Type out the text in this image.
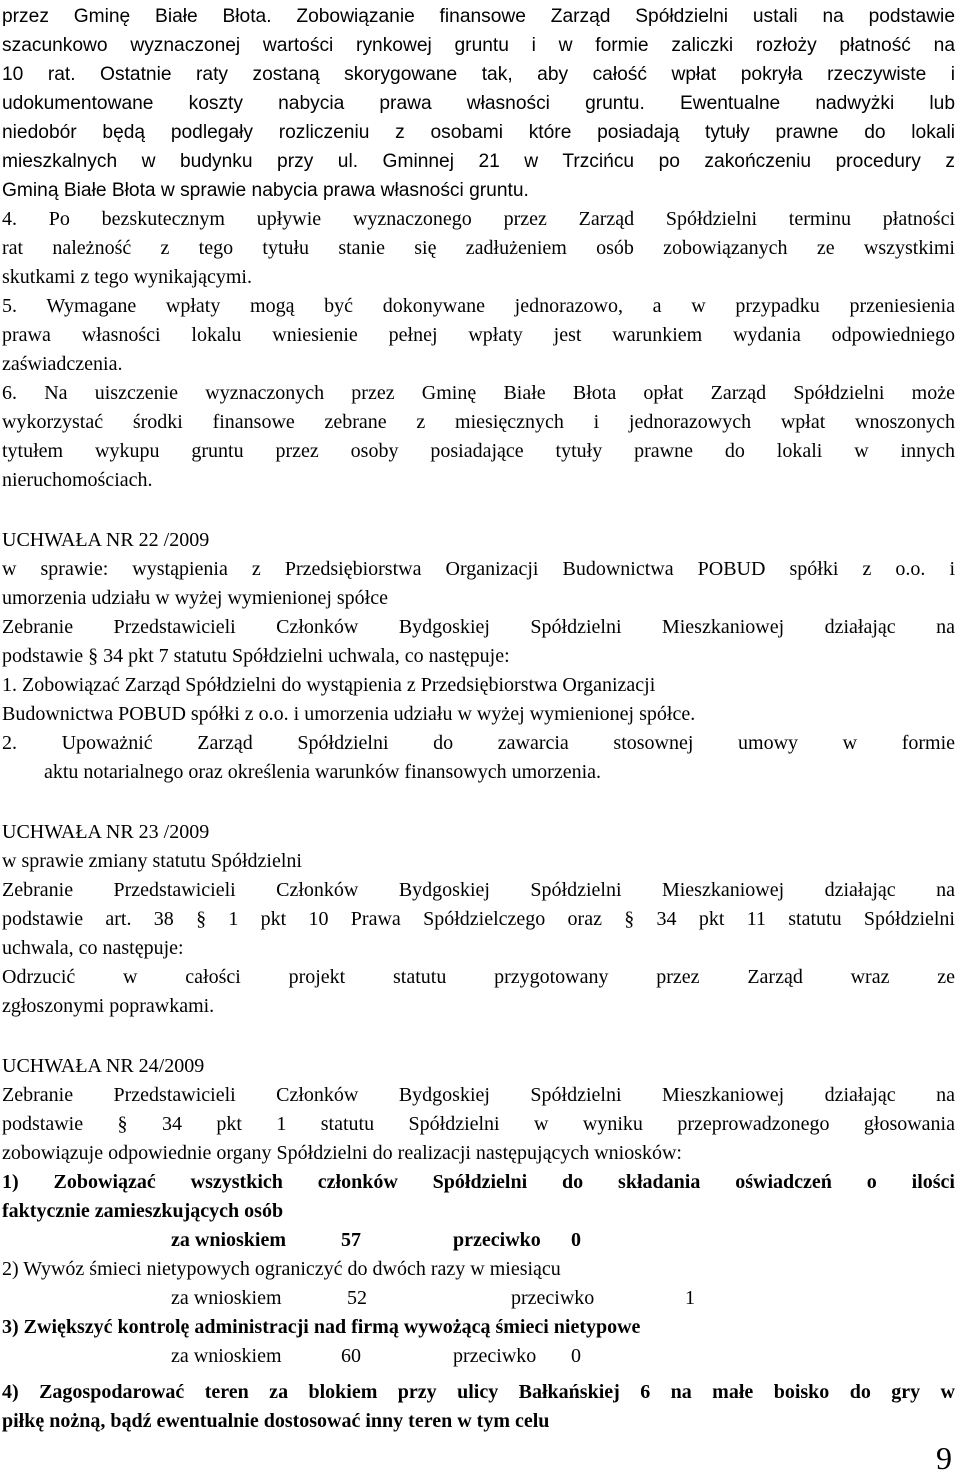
przez Gminę Białe Błota. Zobowiązanie finansowe Zarząd Spółdzielni ustali na podstawie
szacunkowo wyznaczonej wartości rynkowej gruntu i w formie zaliczki rozłoży płatność na
10 rat. Ostatnie raty zostaną skorygowane tak, aby całość wpłat pokryła rzeczywiste i
udokumentowane koszty nabycia prawa własności gruntu. Ewentualne nadwyżki lub
niedobór będą podlegały rozliczeniu z osobami które posiadają tytuły prawne do lokali
mieszkalnych w budynku przy ul. Gminnej 21 w Trzcińcu po zakończeniu procedury z
Gminą Białe Błota w sprawie nabycia prawa własności gruntu.
4. Po bezskutecznym upływie wyznaczonego przez Zarząd Spółdzielni terminu płatności
rat należność z tego tytułu stanie się zadłużeniem osób zobowiązanych ze wszystkimi
skutkami z tego wynikającymi.
5. Wymagane wpłaty mogą być dokonywane jednorazowo, a w przypadku przeniesienia
prawa własności lokalu wniesienie pełnej wpłaty jest warunkiem wydania odpowiedniego
zaświadczenia.
6. Na uiszczenie wyznaczonych przez Gminę Białe Błota opłat Zarząd Spółdzielni może
wykorzystać środki finansowe zebrane z miesięcznych i jednorazowych wpłat wnoszonych
tytułem wykupu gruntu przez osoby posiadające tytuły prawne do lokali w innych
nieruchomościach.
UCHWAŁA NR 22 /2009
w sprawie: wystąpienia z Przedsiębiorstwa Organizacji Budownictwa POBUD spółki z o.o. i
umorzenia udziału w wyżej wymienionej spółce
Zebranie Przedstawicieli Członków Bydgoskiej Spółdzielni Mieszkaniowej działając na
podstawie § 34 pkt 7 statutu Spółdzielni uchwala, co następuje:
1. Zobowiązać Zarząd Spółdzielni do wystąpienia z Przedsiębiorstwa Organizacji
Budownictwa POBUD spółki z o.o. i umorzenia udziału w wyżej wymienionej spółce.
2. Upoważnić Zarząd Spółdzielni do zawarcia stosownej umowy w formie
aktu notarialnego oraz określenia warunków finansowych umorzenia.
UCHWAŁA NR 23 /2009
w sprawie zmiany statutu Spółdzielni
Zebranie Przedstawicieli Członków Bydgoskiej Spółdzielni Mieszkaniowej działając na
podstawie art. 38 § 1 pkt 10 Prawa Spółdzielczego oraz § 34 pkt 11 statutu Spółdzielni
uchwala, co następuje:
Odrzucić w całości projekt statutu przygotowany przez Zarząd wraz ze
zgłoszonymi poprawkami.
UCHWAŁA NR 24/2009
Zebranie Przedstawicieli Członków Bydgoskiej Spółdzielni Mieszkaniowej działając na
podstawie § 34 pkt 1 statutu Spółdzielni w wyniku przeprowadzonego głosowania
zobowiązuje odpowiednie organy Spółdzielni do realizacji następujących wniosków:
1) Zobowiązać wszystkich członków Spółdzielni do składania oświadczeń o ilości
faktycznie zamieszkujących osób
za wnioskiem	57	przeciwko 0
2) Wywóz śmieci nietypowych ograniczyć do dwóch razy w miesiącu
za wnioskiem	52	przeciwko	1
3) Zwiększyć kontrolę administracji nad firmą wywożącą śmieci nietypowe
za wnioskiem	60	przeciwko 0
4) Zagospodarować teren za blokiem przy ulicy Bałkańskiej 6 na małe boisko do gry w
piłkę nożną, bądź ewentualnie dostosować inny teren w tym celu
9
